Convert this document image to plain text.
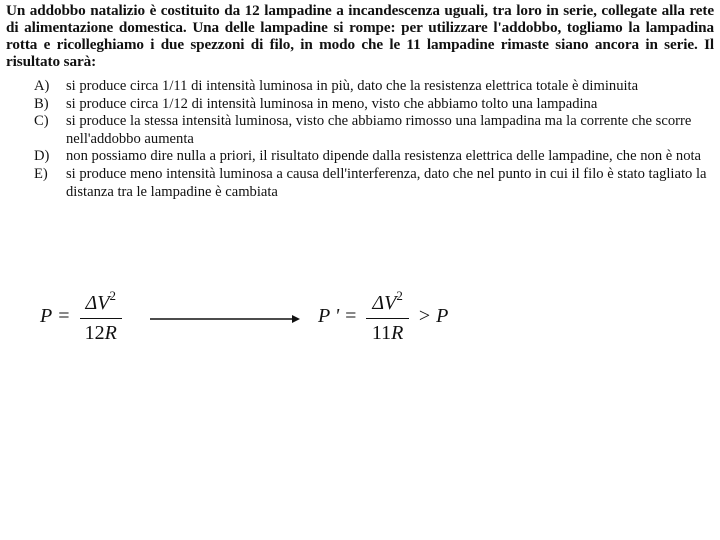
Un addobbo natalizio è costituito da 12 lampadine a incandescenza uguali, tra loro in serie, collegate alla rete di alimentazione domestica. Una delle lampadine si rompe: per utilizzare l'addobbo, togliamo la lampadina rotta e ricolleghiamo i due spezzoni di filo, in modo che le 11 lampadine rimaste siano ancora in serie. Il risultato sarà:
A)	si produce circa 1/11 di intensità luminosa in più, dato che la resistenza elettrica totale è diminuita
B)	si produce circa 1/12 di intensità luminosa in meno, visto che abbiamo tolto una lampadina
C)	si produce la stessa intensità luminosa, visto che abbiamo rimosso una lampadina ma la corrente che scorre nell'addobbo aumenta
D)	non possiamo dire nulla a priori, il risultato dipende dalla resistenza elettrica delle lampadine, che non è nota
E)	si produce meno intensità luminosa a causa dell'interferenza, dato che nel punto in cui il filo è stato tagliato la distanza tra le lampadine è cambiata
$P = \frac{\Delta V^2}{12R}$	P ' = $\frac{\Delta V^2}{11R} > P$
